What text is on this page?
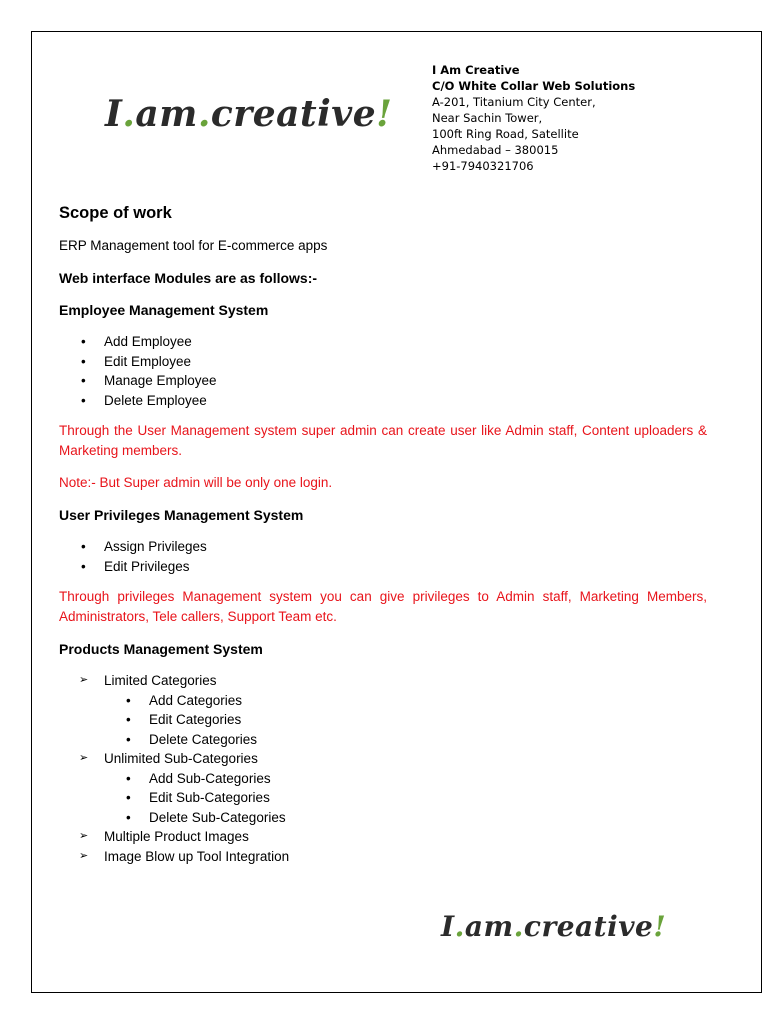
I.am.creative!
I Am Creative
C/O White Collar Web Solutions
A-201, Titanium City Center,
Near Sachin Tower,
100ft Ring Road, Satellite
Ahmedabad – 380015
+91-7940321706
Scope of work

ERP Management tool for E-commerce apps

Web interface Modules are as follows:-

Employee Management System

• Add Employee
• Edit Employee
• Manage Employee
• Delete Employee

Through the User Management system super admin can create user like Admin staff, Content uploaders & Marketing members.

Note:- But Super admin will be only one login.

User Privileges Management System

• Assign Privileges
• Edit Privileges

Through privileges Management system you can give privileges to Admin staff, Marketing Members, Administrators, Tele callers, Support Team etc.

Products Management System

➢ Limited Categories
• Add Categories
• Edit Categories
• Delete Categories
➢ Unlimited Sub-Categories
• Add Sub-Categories
• Edit Sub-Categories
• Delete Sub-Categories
➢ Multiple Product Images
➢ Image Blow up Tool Integration
I.am.creative!
